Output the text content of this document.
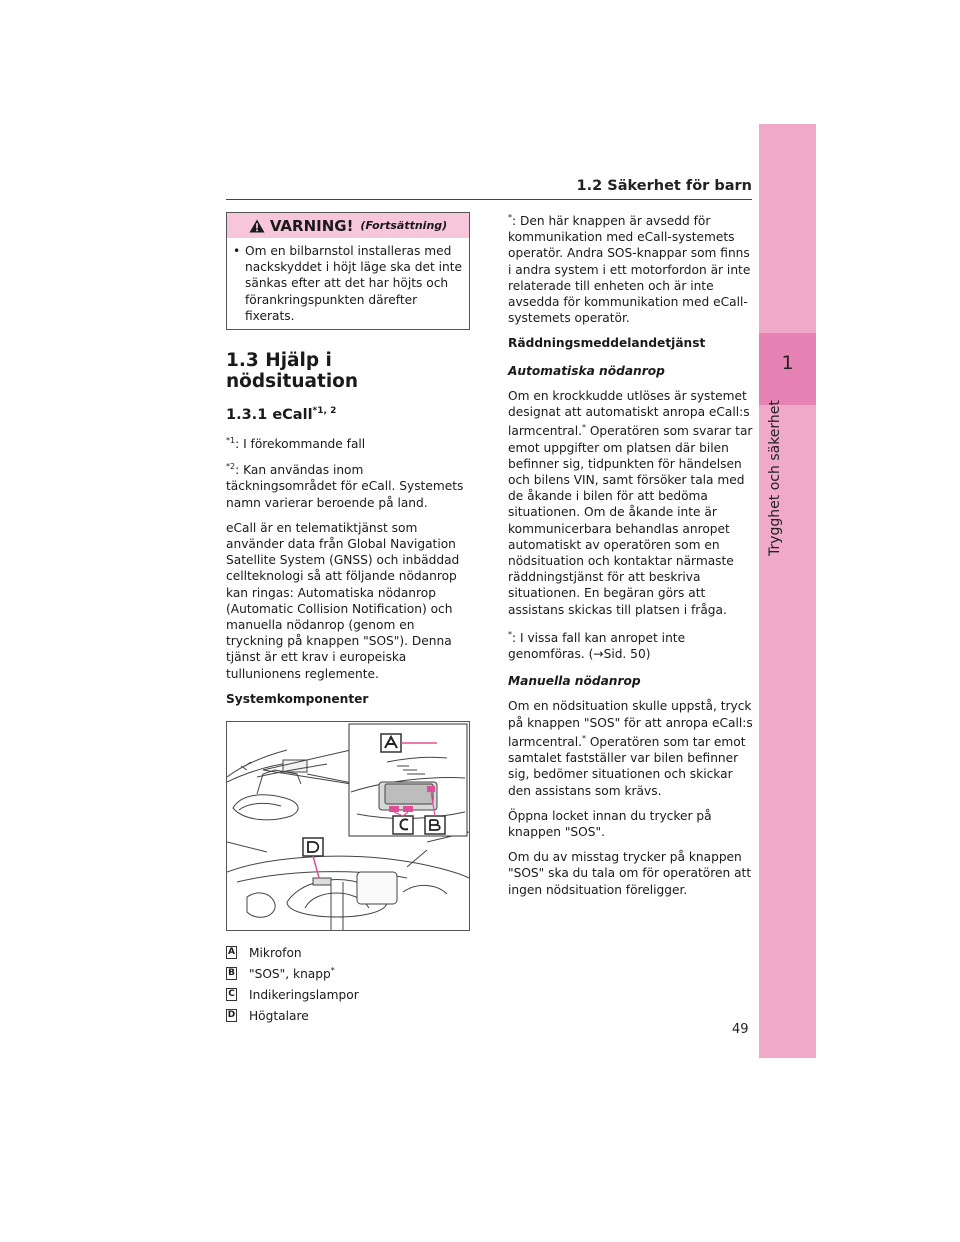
1
Trygghet och säkerhet
1.2 Säkerhet för barn
VARNING! (Fortsättning)
• Om en bilbarnstol installeras med nackskyddet i höjt läge ska det inte sänkas efter att det har höjts och förankringspunkten därefter fixerats.

1.3 Hjälp i nödsituation
1.3.1 eCall$^{*1, 2}$

$^{*1}$: I förekommande fall

$^{*2}$: Kan användas inom täckningsområdet för eCall. Systemets namn varierar beroende på land.

eCall är en telematiktjänst som använder data från Global Navigation Satellite System (GNSS) och inbäddad cellteknologi så att följande nödanrop kan ringas: Automatiska nödanrop (Automatic Collision Notification) och manuella nödanrop (genom en tryckning på knappen "SOS"). Denna tjänst är ett krav i europeiska tullunionens reglemente.

Systemkomponenter

A Mikrofon
B "SOS", knapp*
C Indikeringslampor
D Högtalare

*: Den här knappen är avsedd för kommunikation med eCall-systemets operatör. Andra SOS-knappar som finns i andra system i ett motorfordon är inte relaterade till enheten och är inte avsedda för kommunikation med eCall-systemets operatör.

Räddningsmeddelandetjänst

Automatiska nödanrop

Om en krockkudde utlöses är systemet designat att automatiskt anropa eCall:s larmcentral.* Operatören som svarar tar emot uppgifter om platsen där bilen befinner sig, tidpunkten för händelsen och bilens VIN, samt försöker tala med de åkande i bilen för att bedöma situationen. Om de åkande inte är kommunicerbara behandlas anropet automatiskt av operatören som en nödsituation och kontaktar närmaste räddningstjänst för att beskriva situationen. En begäran görs att assistans skickas till platsen i fråga.

*: I vissa fall kan anropet inte genomföras. (→Sid. 50)

Manuella nödanrop

Om en nödsituation skulle uppstå, tryck på knappen "SOS" för att anropa eCall:s larmcentral.* Operatören som tar emot samtalet fastställer var bilen befinner sig, bedömer situationen och skickar den assistans som krävs.

Öppna locket innan du trycker på knappen "SOS".

Om du av misstag trycker på knappen "SOS" ska du tala om för operatören att ingen nödsituation föreligger.

49
